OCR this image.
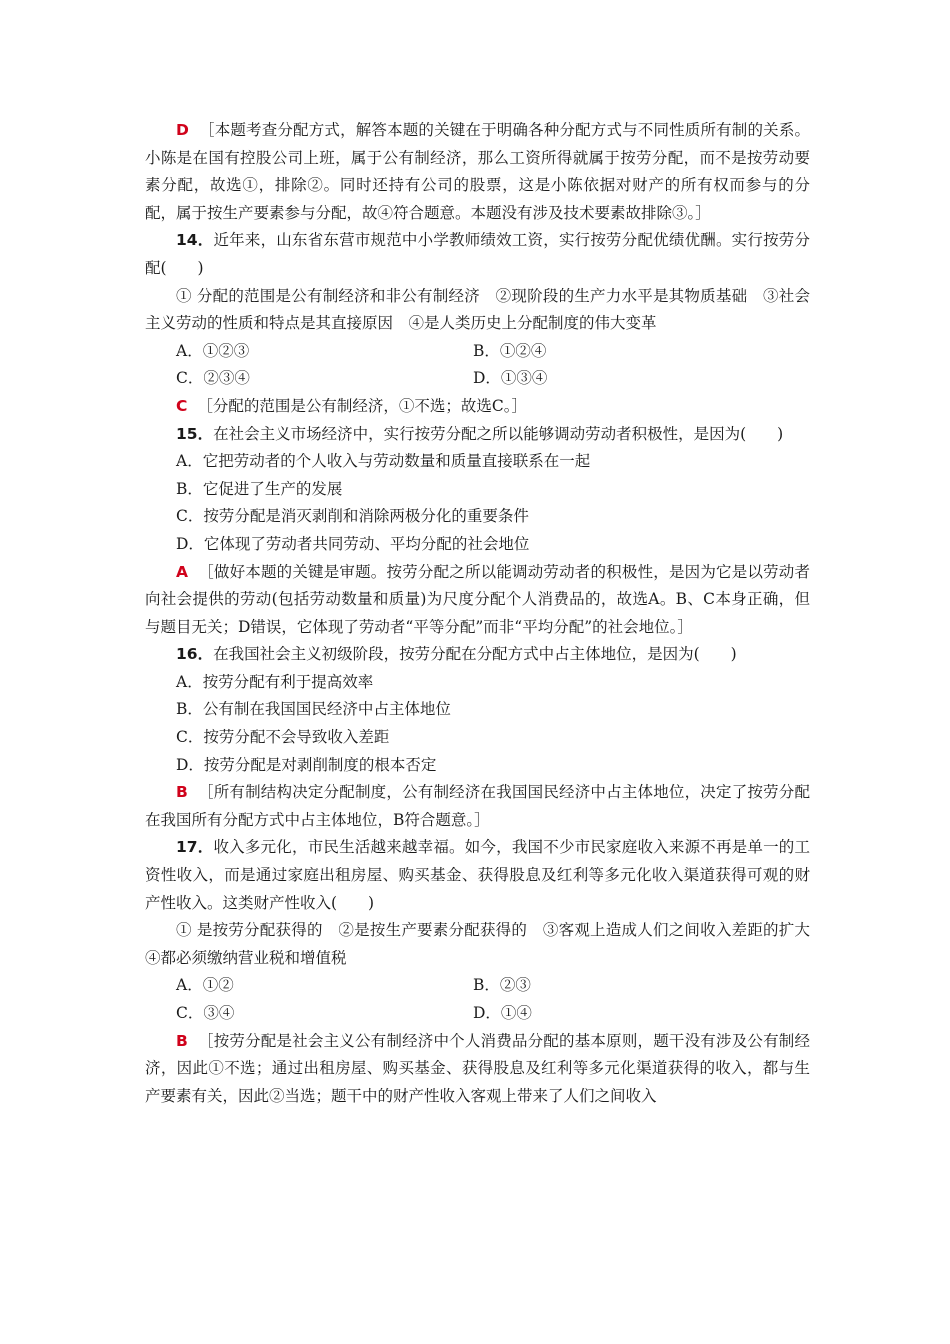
D ［本题考查分配方式，解答本题的关键在于明确各种分配方式与不同性质所有制的关系。小陈是在国有控股公司上班，属于公有制经济，那么工资所得就属于按劳分配，而不是按劳动要素分配，故选①，排除②。同时还持有公司的股票，这是小陈依据对财产的所有权而参与的分配，属于按生产要素参与分配，故④符合题意。本题没有涉及技术要素故排除③。］

14．近年来，山东省东营市规范中小学教师绩效工资，实行按劳分配优绩优酬。实行按劳分配(　　)

① 分配的范围是公有制经济和非公有制经济　②现阶段的生产力水平是其物质基础　③社会主义劳动的性质和特点是其直接原因　④是人类历史上分配制度的伟大变革

A．①②③	B．①②④
C．②③④	D．①③④

C ［分配的范围是公有制经济，①不选；故选C。］

15．在社会主义市场经济中，实行按劳分配之所以能够调动劳动者积极性，是因为(　　)

A．它把劳动者的个人收入与劳动数量和质量直接联系在一起

B．它促进了生产的发展

C．按劳分配是消灭剥削和消除两极分化的重要条件

D．它体现了劳动者共同劳动、平均分配的社会地位

A ［做好本题的关键是审题。按劳分配之所以能调动劳动者的积极性，是因为它是以劳动者向社会提供的劳动(包括劳动数量和质量)为尺度分配个人消费品的，故选A。B、C本身正确，但与题目无关；D错误，它体现了劳动者“平等分配”而非“平均分配”的社会地位。］

16．在我国社会主义初级阶段，按劳分配在分配方式中占主体地位，是因为(　　)

A．按劳分配有利于提高效率

B．公有制在我国国民经济中占主体地位

C．按劳分配不会导致收入差距

D．按劳分配是对剥削制度的根本否定

B ［所有制结构决定分配制度，公有制经济在我国国民经济中占主体地位，决定了按劳分配在我国所有分配方式中占主体地位，B符合题意。］

17．收入多元化，市民生活越来越幸福。如今，我国不少市民家庭收入来源不再是单一的工资性收入，而是通过家庭出租房屋、购买基金、获得股息及红利等多元化收入渠道获得可观的财产性收入。这类财产性收入(　　)

① 是按劳分配获得的　②是按生产要素分配获得的　③客观上造成人们之间收入差距的扩大　④都必须缴纳营业税和增值税

A．①②	B．②③
C．③④	D．①④

B ［按劳分配是社会主义公有制经济中个人消费品分配的基本原则，题干没有涉及公有制经济，因此①不选；通过出租房屋、购买基金、获得股息及红利等多元化渠道获得的收入，都与生产要素有关，因此②当选；题干中的财产性收入客观上带来了人们之间收入
